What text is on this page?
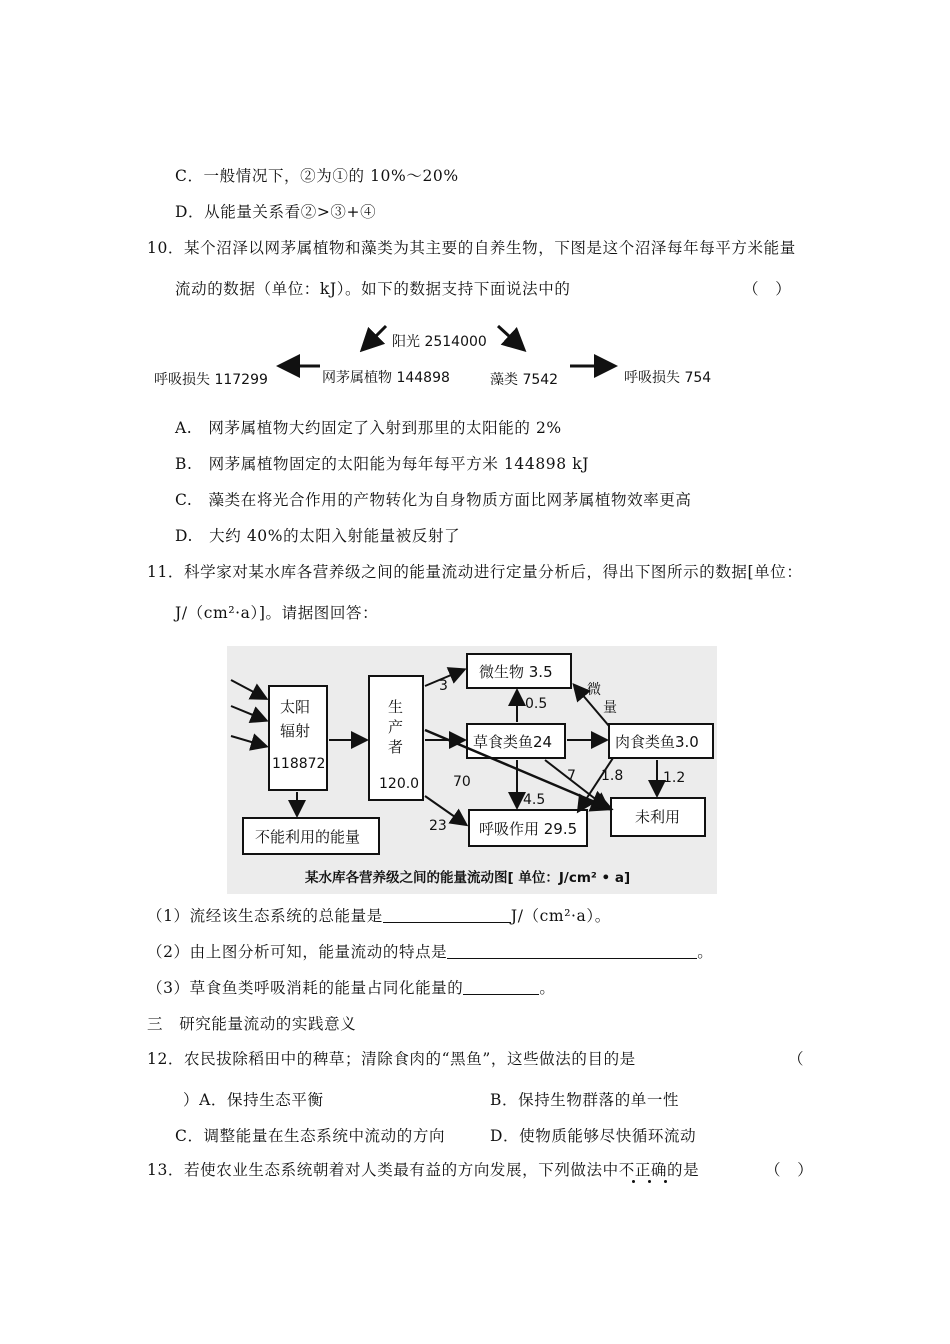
C．一般情况下，②为①的 10%～20%
D．从能量关系看②>③+④
10．某个沼泽以网茅属植物和藻类为其主要的自养生物，下图是这个沼泽每年每平方米能量
流动的数据（单位：kJ）。如下的数据支持下面说法中的	（　）
阳光 2514000
呼吸损失 117299	网茅属植物 144898	藻类 7542	呼吸损失 754
A.　网茅属植物大约固定了入射到那里的太阳能的 2%
B.　网茅属植物固定的太阳能为每年每平方米 144898 kJ
C.　藻类在将光合作用的产物转化为自身物质方面比网茅属植物效率更高
D.　大约 40%的太阳入射能量被反射了
11．科学家对某水库各营养级之间的能量流动进行定量分析后，得出下图所示的数据[单位：
J/（cm²·a）]。请据图回答：
太阳
辐射
118872
生
产
者
120.0
微生物 3.5
草食类鱼24	肉食类鱼3.0
呼吸作用 29.5
未利用
不能利用的能量
微
量
3
0.5
70	7 1.8	1.2
4.5
23
某水库各营养级之间的能量流动图[ 单位：J/cm² • a]
（1）流经该生态系统的总能量是	J/（cm²·a）。
（2）由上图分析可知，能量流动的特点是	。
（3）草食鱼类呼吸消耗的能量占同化能量的	。
三　研究能量流动的实践意义
12．农民拔除稻田中的稗草；清除食肉的“黑鱼”，这些做法的目的是	（
）A．保持生态平衡	B．保持生物群落的单一性
C．调整能量在生态系统中流动的方向	D．使物质能够尽快循环流动
13．若使农业生态系统朝着对人类最有益的方向发展，下列做法中不正确的是	（　）
